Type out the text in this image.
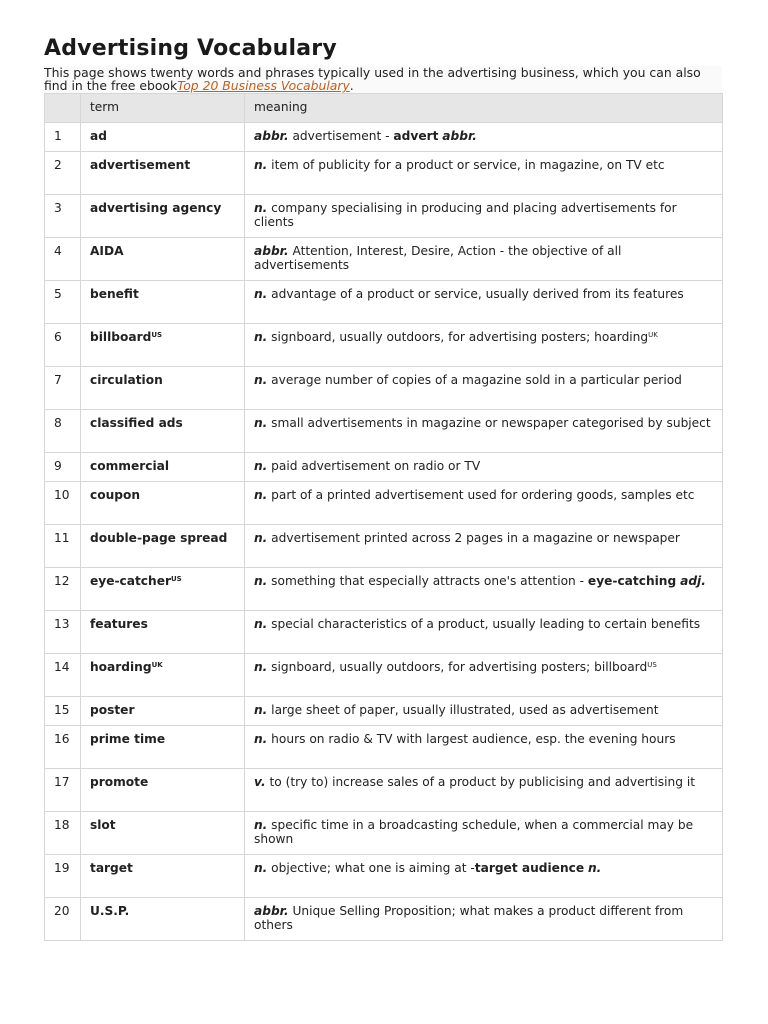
Advertising Vocabulary

This page shows twenty words and phrases typically used in the advertising business, which you can also find in the free ebookTop 20 Business Vocabulary.

	term	meaning
1	ad	abbr. advertisement - advert abbr.
2	advertisement	n. item of publicity for a product or service, in magazine, on TV etc
3	advertising agency	n. company specialising in producing and placing advertisements for clients
4	AIDA	abbr. Attention, Interest, Desire, Action - the objective of all advertisements
5	benefit	n. advantage of a product or service, usually derived from its features
6	billboard$^{US}$	n. signboard, usually outdoors, for advertising posters; hoarding$^{UK}$
7	circulation	n. average number of copies of a magazine sold in a particular period
8	classified ads	n. small advertisements in magazine or newspaper categorised by subject
9	commercial	n. paid advertisement on radio or TV
10	coupon	n. part of a printed advertisement used for ordering goods, samples etc
11	double-page spread	n. advertisement printed across 2 pages in a magazine or newspaper
12	eye-catcher$^{US}$	n. something that especially attracts one's attention - eye-catching adj.
13	features	n. special characteristics of a product, usually leading to certain benefits
14	hoarding$^{UK}$	n. signboard, usually outdoors, for advertising posters; billboard$^{US}$
15	poster	n. large sheet of paper, usually illustrated, used as advertisement
16	prime time	n. hours on radio & TV with largest audience, esp. the evening hours
17	promote	v. to (try to) increase sales of a product by publicising and advertising it
18	slot	n. specific time in a broadcasting schedule, when a commercial may be shown
19	target	n. objective; what one is aiming at -target audience n.
20	U.S.P.	abbr. Unique Selling Proposition; what makes a product different from others
